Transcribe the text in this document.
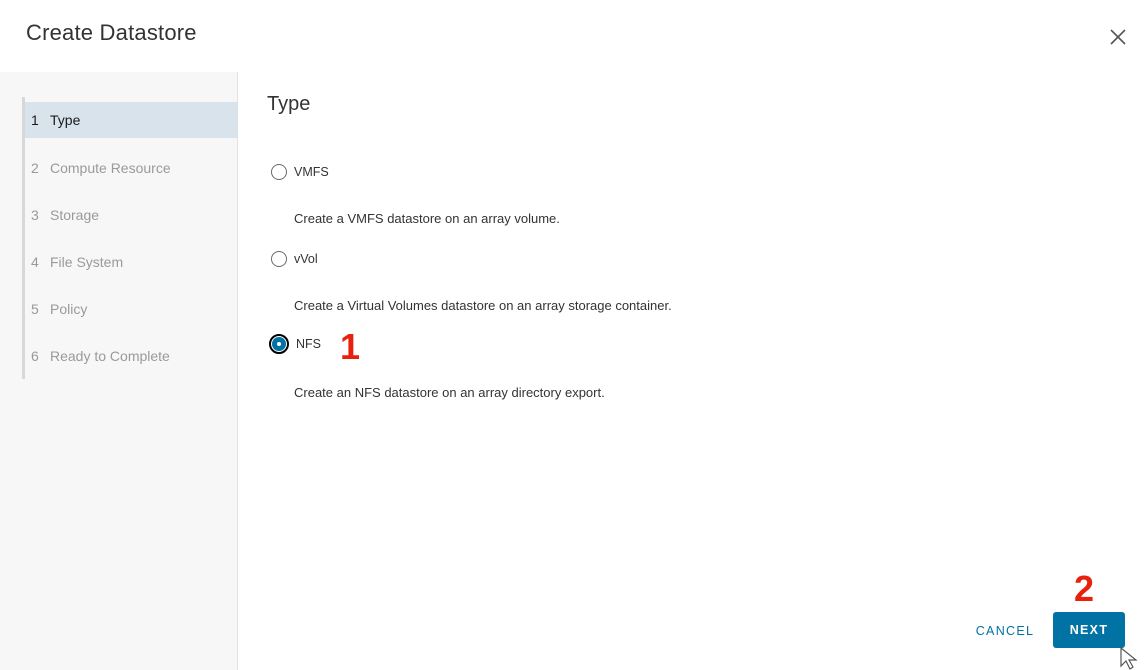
Create Datastore
1 Type
2 Compute Resource
3 Storage
4 File System
5 Policy
6 Ready to Complete
Type
VMFS
Create a VMFS datastore on an array volume.
vVol
Create a Virtual Volumes datastore on an array storage container.
NFS
Create an NFS datastore on an array directory export.
1
2
CANCEL	NEXT
